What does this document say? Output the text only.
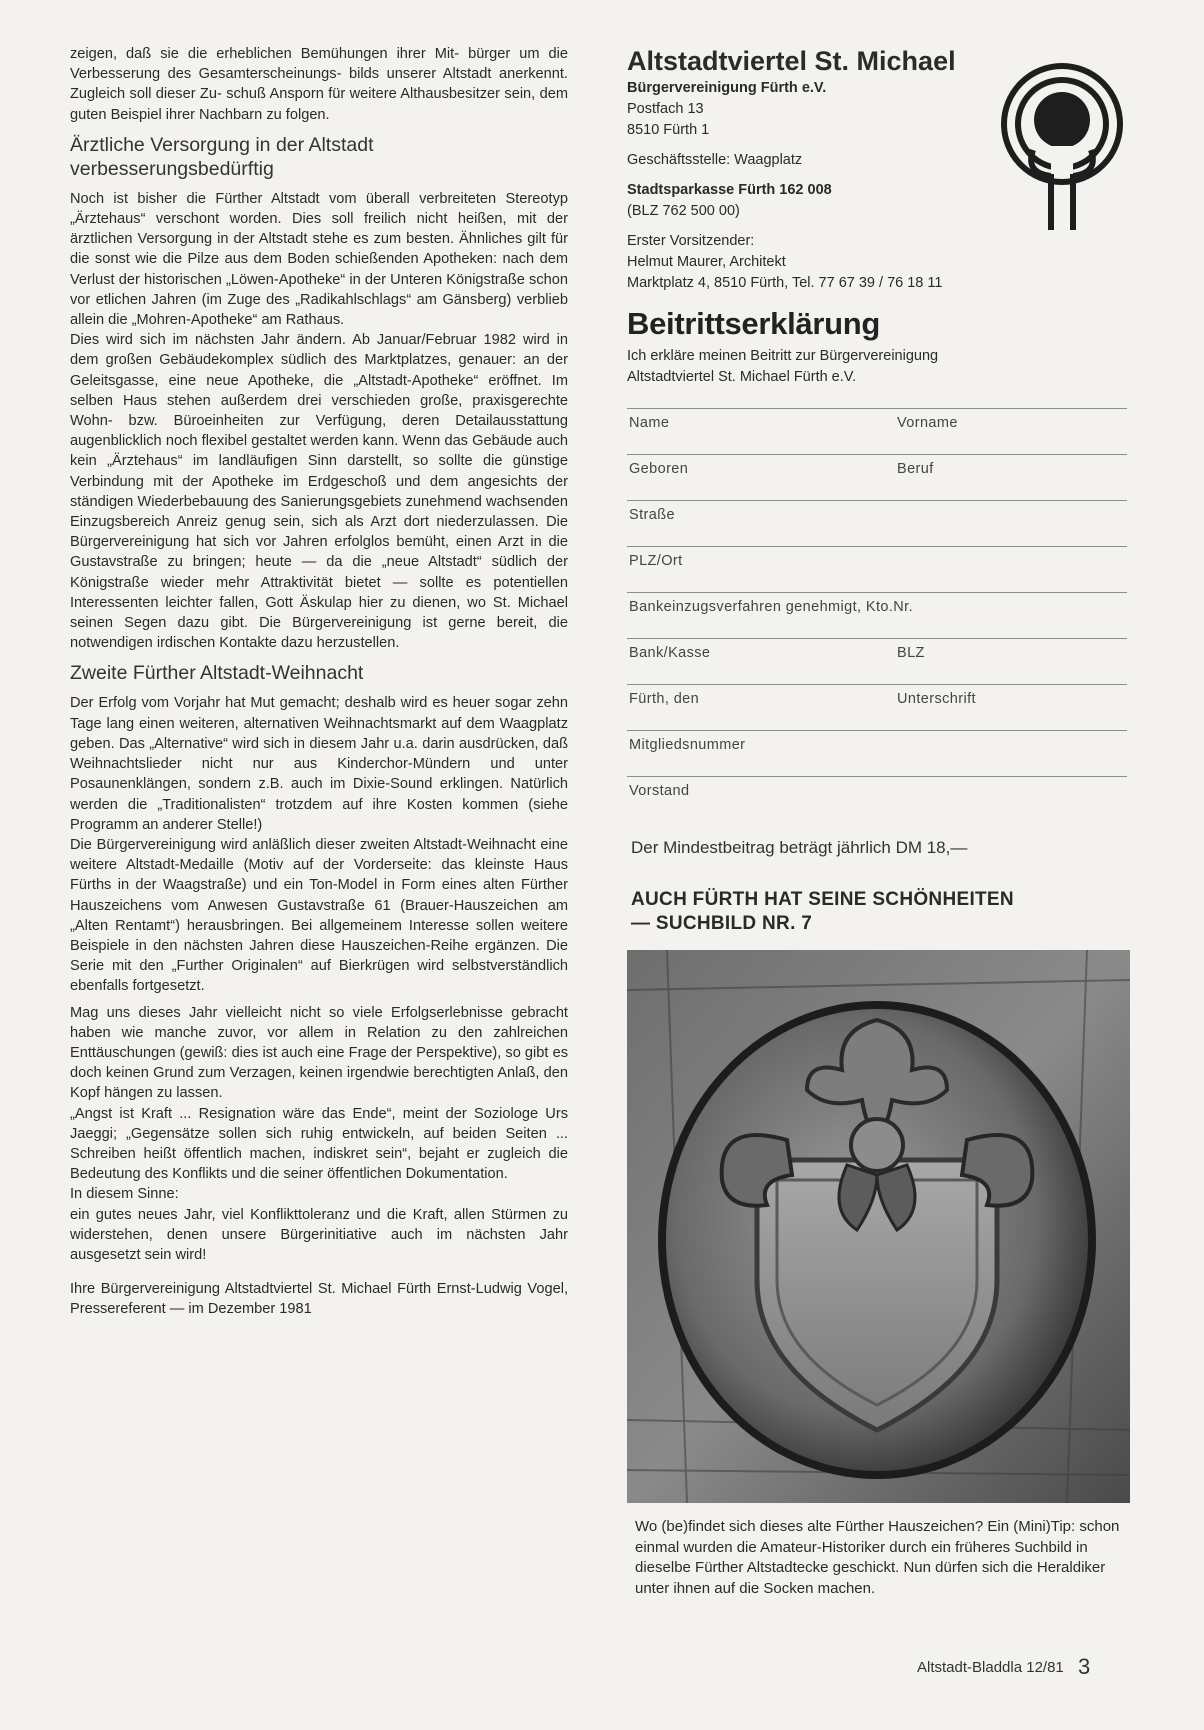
zeigen, daß sie die erheblichen Bemühungen ihrer Mit- bürger um die Verbesserung des Gesamterscheinungs- bilds unserer Altstadt anerkennt. Zugleich soll dieser Zu- schuß Ansporn für weitere Althausbesitzer sein, dem guten Beispiel ihrer Nachbarn zu folgen.

Ärztliche Versorgung in der Altstadt
verbesserungsbedürftig

Noch ist bisher die Fürther Altstadt vom überall verbreiteten Stereotyp „Ärztehaus“ verschont worden. Dies soll freilich nicht heißen, mit der ärztlichen Versorgung in der Altstadt stehe es zum besten. Ähnliches gilt für die sonst wie die Pilze aus dem Boden schießenden Apotheken: nach dem Verlust der historischen „Löwen-Apotheke“ in der Unteren Königstraße schon vor etlichen Jahren (im Zuge des „Radikahlschlags“ am Gänsberg) verblieb allein die „Mohren-Apotheke“ am Rathaus.

Dies wird sich im nächsten Jahr ändern. Ab Januar/Februar 1982 wird in dem großen Gebäudekomplex südlich des Marktplatzes, genauer: an der Geleitsgasse, eine neue Apotheke, die „Altstadt-Apotheke“ eröffnet. Im selben Haus stehen außerdem drei verschieden große, praxisgerechte Wohn- bzw. Büroeinheiten zur Verfügung, deren Detailausstattung augenblicklich noch flexibel gestaltet werden kann. Wenn das Gebäude auch kein „Ärztehaus“ im landläufigen Sinn darstellt, so sollte die günstige Verbindung mit der Apotheke im Erdgeschoß und dem angesichts der ständigen Wiederbebauung des Sanierungsgebiets zunehmend wachsenden Einzugsbereich Anreiz genug sein, sich als Arzt dort niederzulassen. Die Bürgervereinigung hat sich vor Jahren erfolglos bemüht, einen Arzt in die Gustavstraße zu bringen; heute — da die „neue Altstadt“ südlich der Königstraße wieder mehr Attraktivität bietet — sollte es potentiellen Interessenten leichter fallen, Gott Äskulap hier zu dienen, wo St. Michael seinen Segen dazu gibt. Die Bürgervereinigung ist gerne bereit, die notwendigen irdischen Kontakte dazu herzustellen.

Zweite Fürther Altstadt-Weihnacht

Der Erfolg vom Vorjahr hat Mut gemacht; deshalb wird es heuer sogar zehn Tage lang einen weiteren, alternativen Weihnachtsmarkt auf dem Waagplatz geben. Das „Alternative“ wird sich in diesem Jahr u.a. darin ausdrücken, daß Weihnachtslieder nicht nur aus Kinderchor-Mündern und unter Posaunenklängen, sondern z.B. auch im Dixie-Sound erklingen. Natürlich werden die „Traditionalisten“ trotzdem auf ihre Kosten kommen (siehe Programm an anderer Stelle!)

Die Bürgervereinigung wird anläßlich dieser zweiten Altstadt-Weihnacht eine weitere Altstadt-Medaille (Motiv auf der Vorderseite: das kleinste Haus Fürths in der Waagstraße) und ein Ton-Model in Form eines alten Fürther Hauszeichens vom Anwesen Gustavstraße 61 (Brauer-Hauszeichen am „Alten Rentamt“) herausbringen. Bei allgemeinem Interesse sollen weitere Beispiele in den nächsten Jahren diese Hauszeichen-Reihe ergänzen. Die Serie mit den „Further Originalen“ auf Bierkrügen wird selbstverständlich ebenfalls fortgesetzt.

Mag uns dieses Jahr vielleicht nicht so viele Erfolgserlebnisse gebracht haben wie manche zuvor, vor allem in Relation zu den zahlreichen Enttäuschungen (gewiß: dies ist auch eine Frage der Perspektive), so gibt es doch keinen Grund zum Verzagen, keinen irgendwie berechtigten Anlaß, den Kopf hängen zu lassen.

„Angst ist Kraft ... Resignation wäre das Ende“, meint der Soziologe Urs Jaeggi; „Gegensätze sollen sich ruhig entwickeln, auf beiden Seiten ... Schreiben heißt öffentlich machen, indiskret sein“, bejaht er zugleich die Bedeutung des Konflikts und die seiner öffentlichen Dokumentation.

In diesem Sinne:

ein gutes neues Jahr, viel Konflikttoleranz und die Kraft, allen Stürmen zu widerstehen, denen unsere Bürgerinitiative auch im nächsten Jahr ausgesetzt sein wird!

Ihre Bürgervereinigung Altstadtviertel St. Michael Fürth Ernst-Ludwig Vogel, Pressereferent — im Dezember 1981

Altstadtviertel St. Michael

Bürgervereinigung Fürth e.V.

Postfach 13

8510 Fürth 1

Geschäftsstelle: Waagplatz

Stadtsparkasse Fürth 162 008

(BLZ 762 500 00)

Erster Vorsitzender:

Helmut Maurer, Architekt

Marktplatz 4, 8510 Fürth, Tel. 77 67 39 / 76 18 11

Beitrittserklärung

Ich erkläre meinen Beitritt zur Bürgervereinigung
Altstadtviertel St. Michael Fürth e.V.

Name	Vorname
Geboren	Beruf
Straße
PLZ/Ort
Bankeinzugsverfahren genehmigt, Kto.Nr.
Bank/Kasse	BLZ
Fürth, den	Unterschrift
Mitgliedsnummer
Vorstand

Der Mindestbeitrag beträgt jährlich DM 18,—

AUCH FÜRTH HAT SEINE SCHÖNHEITEN
— SUCHBILD NR. 7

Wo (be)findet sich dieses alte Fürther Hauszeichen? Ein (Mini)Tip: schon einmal wurden die Amateur-Historiker durch ein früheres Suchbild in dieselbe Fürther Altstadtecke geschickt. Nun dürfen sich die Heraldiker unter ihnen auf die Socken machen.

Altstadt-Bladdla 12/81 3
